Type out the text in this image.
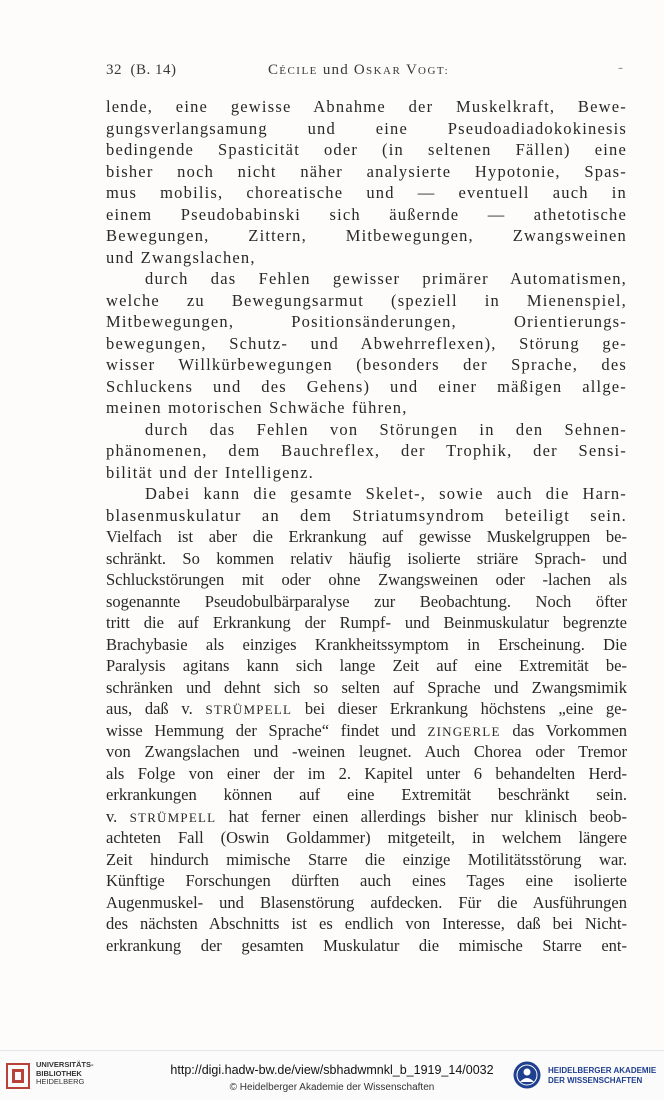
32 (B. 14)	CÉCILE und OSKAR VOGT:	-
lende, eine gewisse Abnahme der Muskelkraft, Bewe-
gungsverlangsamung und eine Pseudoadiadokokinesis
bedingende Spasticität oder (in seltenen Fällen) eine
bisher noch nicht näher analysierte Hypotonie, Spas-
mus mobilis, choreatische und — eventuell auch in
einem Pseudobabinski sich äußernde — athetotische
Bewegungen, Zittern, Mitbewegungen, Zwangsweinen
und Zwangslachen,
durch das Fehlen gewisser primärer Automatismen,
welche zu Bewegungsarmut (speziell in Mienenspiel,
Mitbewegungen, Positionsänderungen, Orientierungs-
bewegungen, Schutz- und Abwehrreflexen), Störung ge-
wisser Willkürbewegungen (besonders der Sprache, des
Schluckens und des Gehens) und einer mäßigen allge-
meinen motorischen Schwäche führen,
durch das Fehlen von Störungen in den Sehnen-
phänomenen, dem Bauchreflex, der Trophik, der Sensi-
bilität und der Intelligenz.
Dabei kann die gesamte Skelet-, sowie auch die Harn-
blasenmuskulatur an dem Striatumsyndrom beteiligt sein.
Vielfach ist aber die Erkrankung auf gewisse Muskelgruppen be-
schränkt. So kommen relativ häufig isolierte striäre Sprach- und
Schluckstörungen mit oder ohne Zwangsweinen oder -lachen als
sogenannte Pseudobulbärparalyse zur Beobachtung. Noch öfter
tritt die auf Erkrankung der Rumpf- und Beinmuskulatur begrenzte
Brachybasie als einziges Krankheitssymptom in Erscheinung. Die
Paralysis agitans kann sich lange Zeit auf eine Extremität be-
schränken und dehnt sich so selten auf Sprache und Zwangsmimik
aus, daß v. STRÜMPELL bei dieser Erkrankung höchstens „eine ge-
wisse Hemmung der Sprache“ findet und ZINGERLE das Vorkommen
von Zwangslachen und -weinen leugnet. Auch Chorea oder Tremor
als Folge von einer der im 2. Kapitel unter 6 behandelten Herd-
erkrankungen können auf eine Extremität beschränkt sein.
v. STRÜMPELL hat ferner einen allerdings bisher nur klinisch beob-
achteten Fall (Oswin Goldammer) mitgeteilt, in welchem längere
Zeit hindurch mimische Starre die einzige Motilitätsstörung war.
Künftige Forschungen dürften auch eines Tages eine isolierte
Augenmuskel- und Blasenstörung aufdecken. Für die Ausführungen
des nächsten Abschnitts ist es endlich von Interesse, daß bei Nicht-
erkrankung der gesamten Muskulatur die mimische Starre ent-
UNIVERSITÄTS-
BIBLIOTHEK
HEIDELBERG
http://digi.hadw-bw.de/view/sbhadwmnkl_b_1919_14/0032
© Heidelberger Akademie der Wissenschaften
HEIDELBERGER AKADEMIE
DER WISSENSCHAFTEN
